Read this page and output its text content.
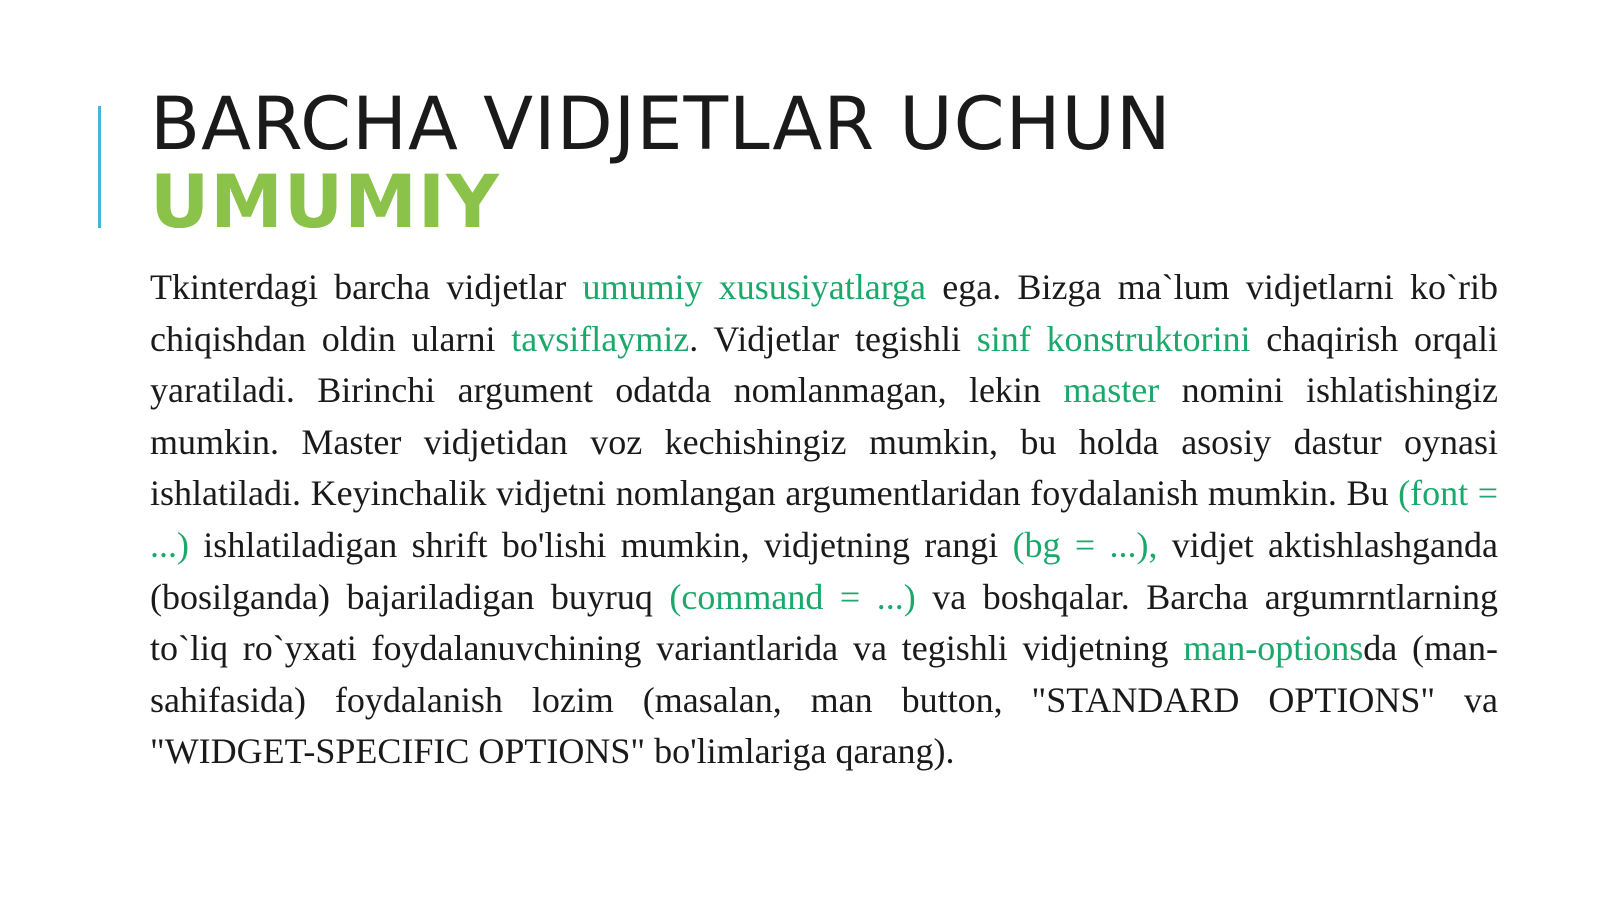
BARCHA VIDJETLAR UCHUN
UMUMIY

Tkinterdagi barcha vidjetlar umumiy xususiyatlarga ega. Bizga ma`lum vidjetlarni ko`rib chiqishdan oldin ularni tavsiflaymiz. Vidjetlar tegishli sinf konstruktorini chaqirish orqali yaratiladi. Birinchi argument odatda nomlanmagan, lekin master nomini ishlatishingiz mumkin. Master vidjetidan voz kechishingiz mumkin, bu holda asosiy dastur oynasi ishlatiladi. Keyinchalik vidjetni nomlangan argumentlaridan foydalanish mumkin. Bu (font = ...) ishlatiladigan shrift bo'lishi mumkin, vidjetning rangi (bg = ...), vidjet aktishlashganda (bosilganda) bajariladigan buyruq (command = ...) va boshqalar. Barcha argumrntlarning to`liq ro`yxati foydalanuvchining variantlarida va tegishli vidjetning man-optionsda (man-sahifasida) foydalanish lozim (masalan, man button, "STANDARD OPTIONS" va "WIDGET-SPECIFIC OPTIONS" bo'limlariga qarang).
